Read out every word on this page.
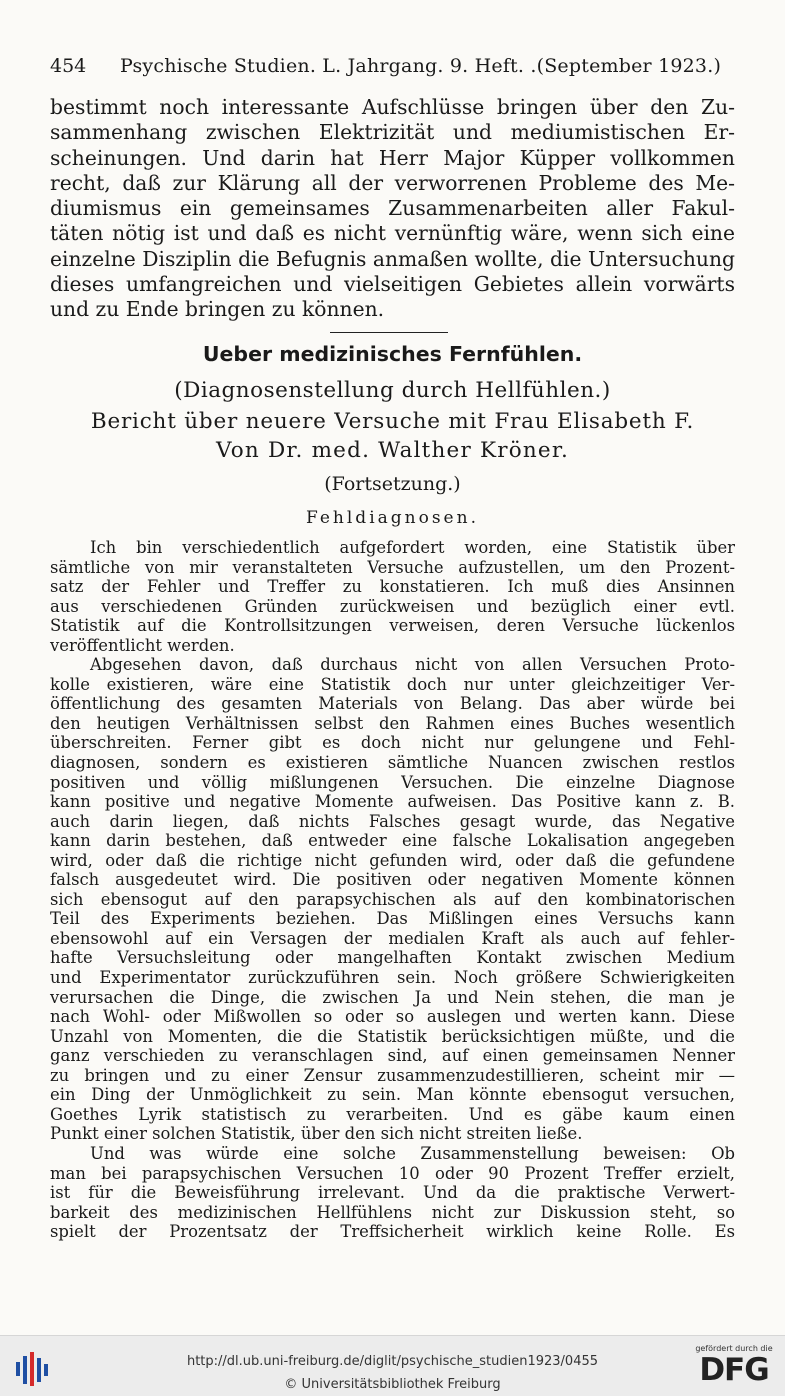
454 Psychische Studien. L. Jahrgang. 9. Heft. .(September 1923.)
bestimmt noch interessante Aufschlüsse bringen über den Zu-
sammenhang zwischen Elektrizität und mediumistischen Er-
scheinungen. Und darin hat Herr Major Küpper vollkommen
recht, daß zur Klärung all der verworrenen Probleme des Me-
diumismus ein gemeinsames Zusammenarbeiten aller Fakul-
täten nötig ist und daß es nicht vernünftig wäre, wenn sich eine
einzelne Disziplin die Befugnis anmaßen wollte, die Untersuchung
dieses umfangreichen und vielseitigen Gebietes allein vorwärts
und zu Ende bringen zu können.
Ueber medizinisches Fernfühlen.
(Diagnosenstellung durch Hellfühlen.)
Bericht über neuere Versuche mit Frau Elisabeth F.
Von Dr. med. Walther Kröner.
(Fortsetzung.)
Fehldiagnosen.
Ich bin verschiedentlich aufgefordert worden, eine Statistik über
sämtliche von mir veranstalteten Versuche aufzustellen, um den Prozent-
satz der Fehler und Treffer zu konstatieren. Ich muß dies Ansinnen
aus verschiedenen Gründen zurückweisen und bezüglich einer evtl.
Statistik auf die Kontrollsitzungen verweisen, deren Versuche lückenlos
veröffentlicht werden.
Abgesehen davon, daß durchaus nicht von allen Versuchen Proto-
kolle existieren, wäre eine Statistik doch nur unter gleichzeitiger Ver-
öffentlichung des gesamten Materials von Belang. Das aber würde bei
den heutigen Verhältnissen selbst den Rahmen eines Buches wesentlich
überschreiten. Ferner gibt es doch nicht nur gelungene und Fehl-
diagnosen, sondern es existieren sämtliche Nuancen zwischen restlos
positiven und völlig mißlungenen Versuchen. Die einzelne Diagnose
kann positive und negative Momente aufweisen. Das Positive kann z. B.
auch darin liegen, daß nichts Falsches gesagt wurde, das Negative
kann darin bestehen, daß entweder eine falsche Lokalisation angegeben
wird, oder daß die richtige nicht gefunden wird, oder daß die gefundene
falsch ausgedeutet wird. Die positiven oder negativen Momente können
sich ebensogut auf den parapsychischen als auf den kombinatorischen
Teil des Experiments beziehen. Das Mißlingen eines Versuchs kann
ebensowohl auf ein Versagen der medialen Kraft als auch auf fehler-
hafte Versuchsleitung oder mangelhaften Kontakt zwischen Medium
und Experimentator zurückzuführen sein. Noch größere Schwierigkeiten
verursachen die Dinge, die zwischen Ja und Nein stehen, die man je
nach Wohl- oder Mißwollen so oder so auslegen und werten kann. Diese
Unzahl von Momenten, die die Statistik berücksichtigen müßte, und die
ganz verschieden zu veranschlagen sind, auf einen gemeinsamen Nenner
zu bringen und zu einer Zensur zusammenzudestillieren, scheint mir —
ein Ding der Unmöglichkeit zu sein. Man könnte ebensogut versuchen,
Goethes Lyrik statistisch zu verarbeiten. Und es gäbe kaum einen
Punkt einer solchen Statistik, über den sich nicht streiten ließe.
Und was würde eine solche Zusammenstellung beweisen: Ob
man bei parapsychischen Versuchen 10 oder 90 Prozent Treffer erzielt,
ist für die Beweisführung irrelevant. Und da die praktische Verwert-
barkeit des medizinischen Hellfühlens nicht zur Diskussion steht, so
spielt der Prozentsatz der Treffsicherheit wirklich keine Rolle. Es
http://dl.ub.uni-freiburg.de/diglit/psychische_studien1923/0455
© Universitätsbibliothek Freiburg
gefördert durch die
DFG
